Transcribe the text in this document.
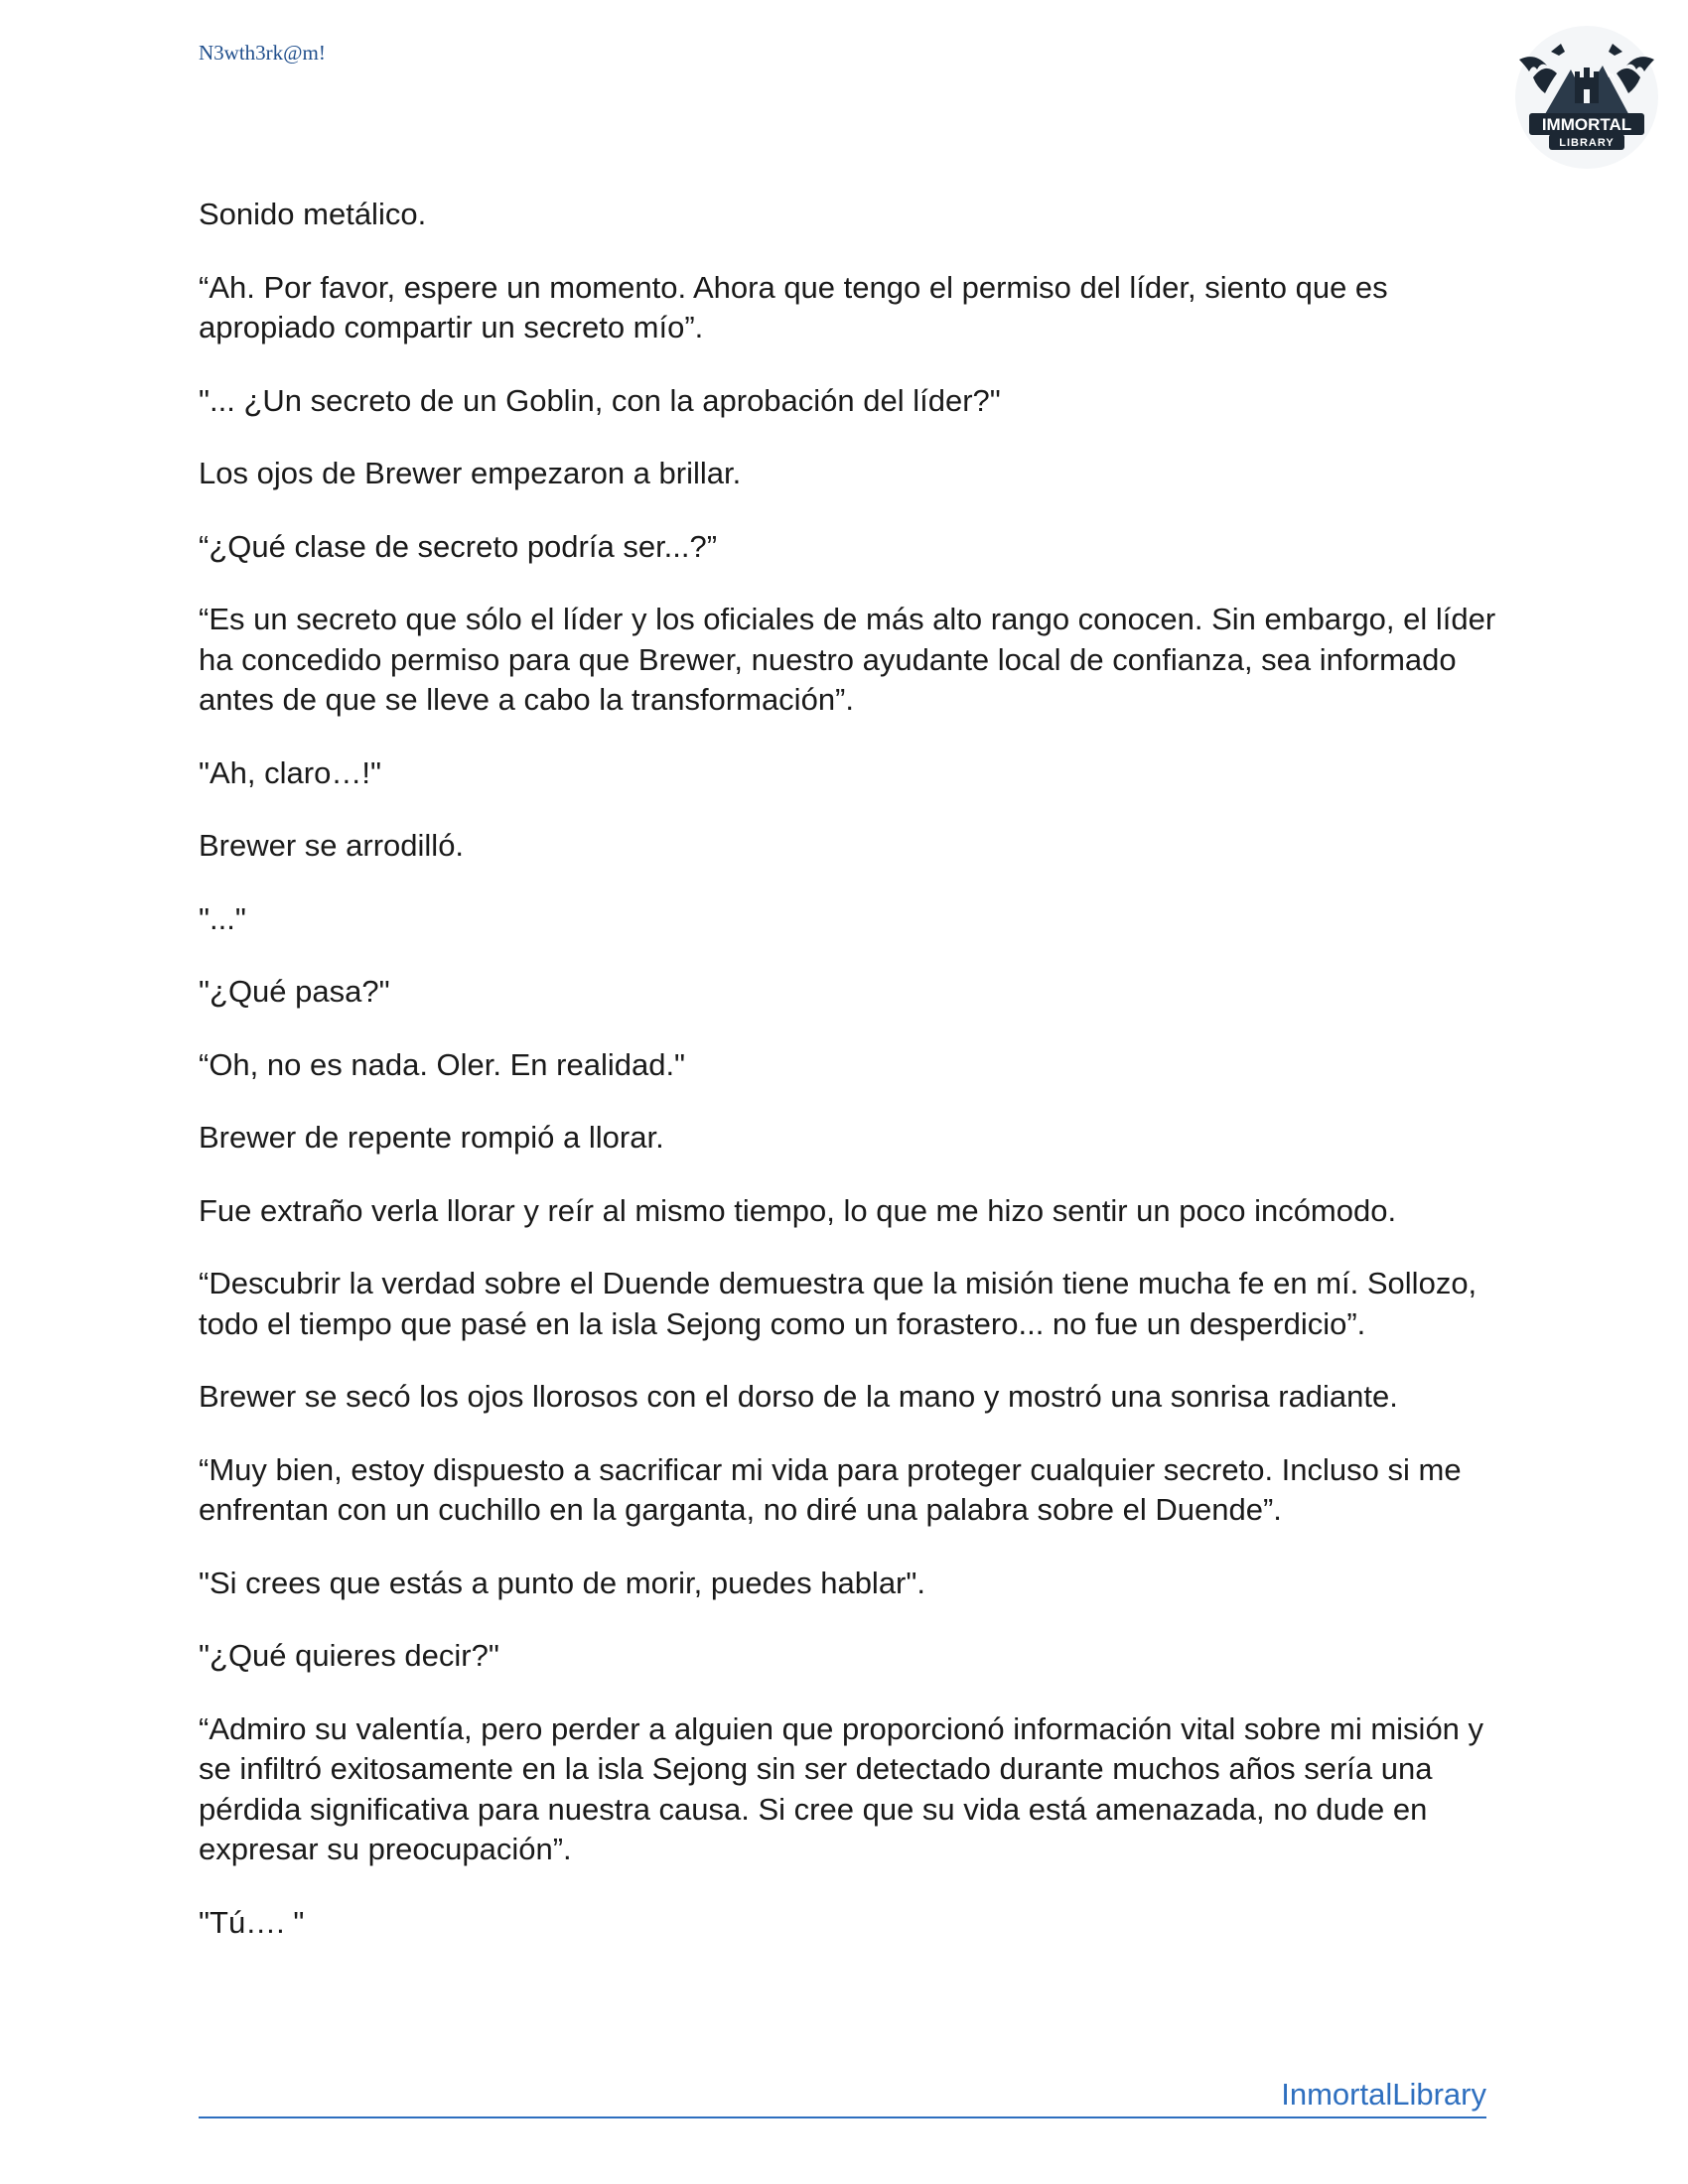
N3wth3rk@m!
IMMORTAL
LIBRARY

Sonido metálico.

“Ah. Por favor, espere un momento. Ahora que tengo el permiso del líder, siento que es apropiado compartir un secreto mío”.

"... ¿Un secreto de un Goblin, con la aprobación del líder?"

Los ojos de Brewer empezaron a brillar.

“¿Qué clase de secreto podría ser...?”

“Es un secreto que sólo el líder y los oficiales de más alto rango conocen. Sin embargo, el líder ha concedido permiso para que Brewer, nuestro ayudante local de confianza, sea informado antes de que se lleve a cabo la transformación”.

"Ah, claro…!"

Brewer se arrodilló.

"..."

"¿Qué pasa?"

“Oh, no es nada. Oler. En realidad."

Brewer de repente rompió a llorar.

Fue extraño verla llorar y reír al mismo tiempo, lo que me hizo sentir un poco incómodo.

“Descubrir la verdad sobre el Duende demuestra que la misión tiene mucha fe en mí. Sollozo, todo el tiempo que pasé en la isla Sejong como un forastero... no fue un desperdicio”.

Brewer se secó los ojos llorosos con el dorso de la mano y mostró una sonrisa radiante.

“Muy bien, estoy dispuesto a sacrificar mi vida para proteger cualquier secreto. Incluso si me enfrentan con un cuchillo en la garganta, no diré una palabra sobre el Duende”.

"Si crees que estás a punto de morir, puedes hablar".

"¿Qué quieres decir?"

“Admiro su valentía, pero perder a alguien que proporcionó información vital sobre mi misión y se infiltró exitosamente en la isla Sejong sin ser detectado durante muchos años sería una pérdida significativa para nuestra causa. Si cree que su vida está amenazada, no dude en expresar su preocupación”.

"Tú…. "

InmortalLibrary
